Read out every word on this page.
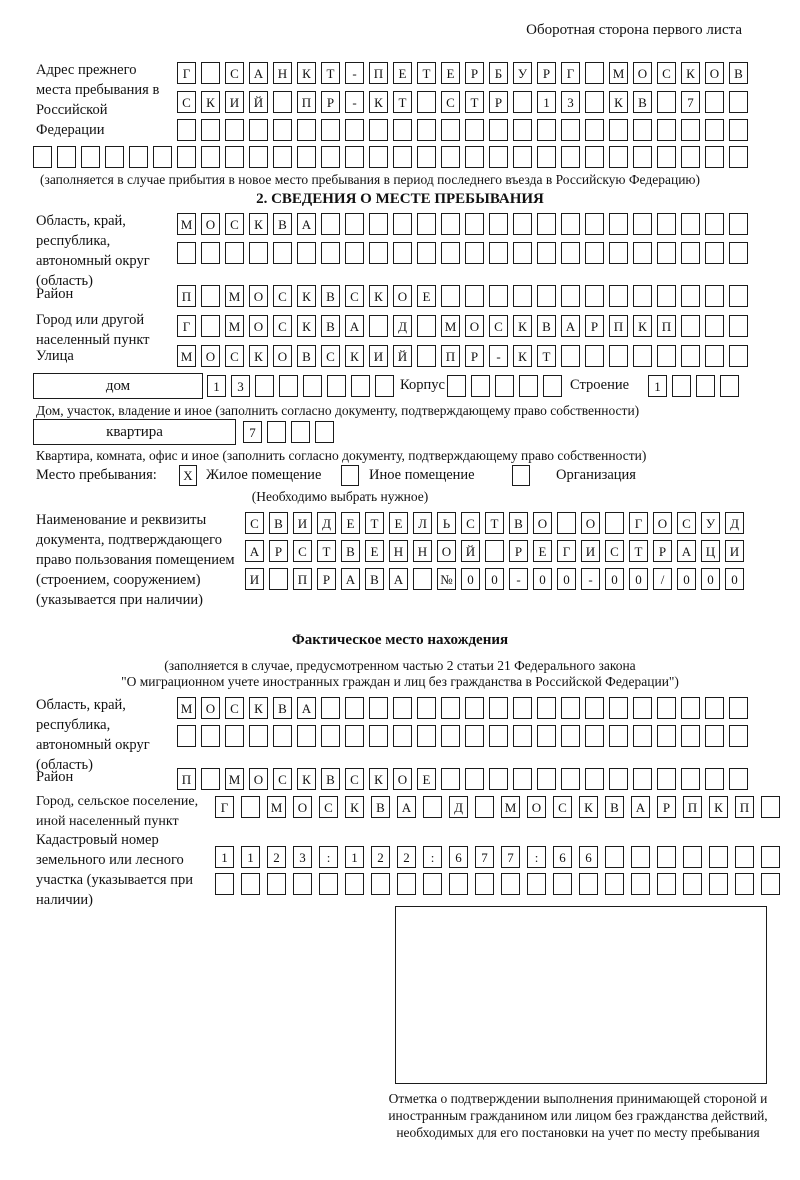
Оборотная сторона первого листа
Адрес прежнего места пребывания в Российской Федерации
Г	С	А	Н	К	Т	-	П	Е	Т	Е	Р	Б	У	Р	Г	М	О	С	К	О	В
С	К	И	Й	П	Р	-	К	Т	С	Т	Р	1	3	К	В	7
(заполняется в случае прибытия в новое место пребывания в период последнего въезда в Российскую Федерацию)
2. СВЕДЕНИЯ О МЕСТЕ ПРЕБЫВАНИЯ
Область, край, республика, автономный округ (область)
М	О	С	К	В	А
Район	П	М	О	С	К	В	С	К	О	Е
Город или другой населенный пункт
Г	М	О	С	К	В	А	Д	М	О	С	К	В	А	Р	П	К	П
Улица	М	О	С	К	О	В	С	К	И	Й	П	Р	-	К	Т
дом	1	3	Корпус	Строение	1
Дом, участок, владение и иное (заполнить согласно документу, подтверждающему право собственности)
квартира	7
Квартира, комната, офис и иное (заполнить согласно документу, подтверждающему право собственности)
Место пребывания:	X Жилое помещение	Иное помещение	Организация
(Необходимо выбрать нужное)
Наименование и реквизиты документа, подтверждающего право пользования помещением (строением, сооружением) (указывается при наличии)
С	В	И	Д	Е	Т	Е	Л	Ь	С	Т	В	О	О	Г	О	С	У	Д
А	Р	С	Т	В	Е	Н	Н	О	Й	Р	Е	Г	И	С	Т	Р	А	Ц	И
И	П	Р	А	В	А	№	0	0	-	0	0	-	0	0	/	0	0	0
Фактическое место нахождения
(заполняется в случае, предусмотренном частью 2 статьи 21 Федерального закона
"О миграционном учете иностранных граждан и лиц без гражданства в Российской Федерации")
Область, край, республика, автономный округ (область)
М	О	С	К	В	А
Район	П	М	О	С	К	В	С	К	О	Е
Город, сельское поселение, иной населенный пункт
Г	М	О	С	К	В	А	Д	М	О	С	К	В	А	Р	П	К	П
Кадастровый номер земельного или лесного участка (указывается при наличии)
1	1	2	3	:	1	2	2	:	6	7	7	:	6	6
Отметка о подтверждении выполнения принимающей стороной и иностранным гражданином или лицом без гражданства действий, необходимых для его постановки на учет по месту пребывания
